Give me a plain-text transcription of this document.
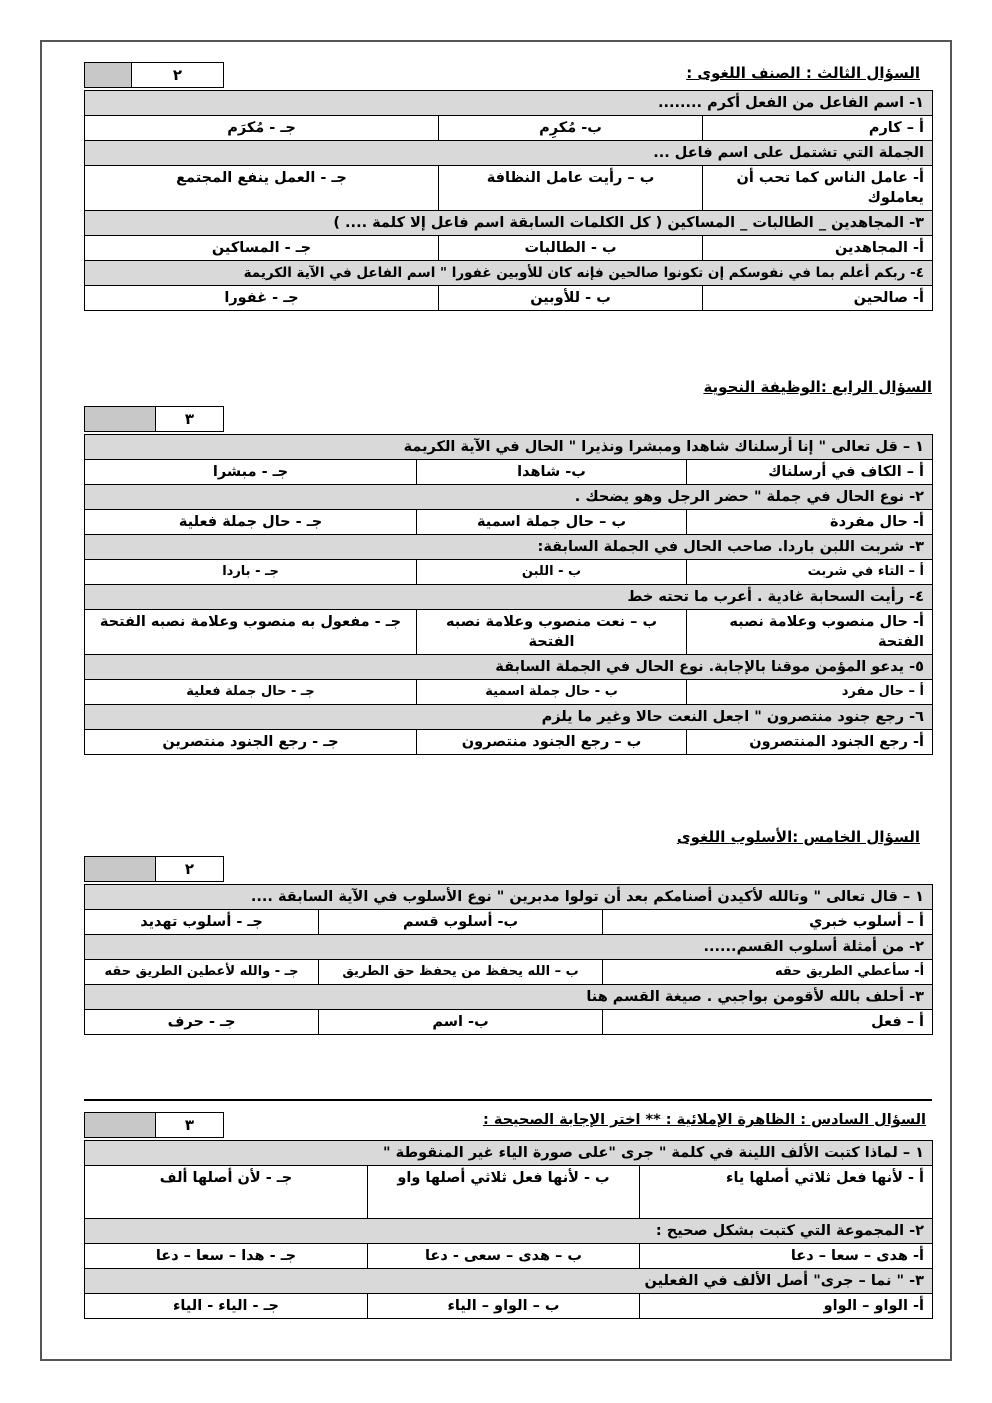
السؤال الثالث : الصنف اللغوى :
٢
١- اسم الفاعل من الفعل أكرم ........		
أ – كارم	ب- مُكرِم	جـ - مُكرَم
الجملة التي تشتمل على اسم فاعل ...		
أ- عامل الناس كما تحب أن يعاملوك	ب – رأيت عامل النظافة	جـ - العمل ينفع المجتمع
٣- المجاهدين _ الطالبات _ المساكين ( كل الكلمات السابقة اسم فاعل إلا كلمة .... )		
أ- المجاهدين	ب - الطالبات	جـ - المساكين
٤- ربكم أعلم بما في نفوسكم إن تكونوا صالحين فإنه كان للأوبين غفورا " اسم الفاعل في الآية الكريمة		
أ- صالحين	ب - للأوبين	جـ - غفورا
السؤال الرابع :الوظيفة النحوية
٣
١ – قل تعالى " إنا أرسلناك شاهدا ومبشرا ونذيرا " الحال في الآية الكريمة		
أ – الكاف في أرسلناك	ب- شاهدا	جـ - مبشرا
٢- نوع الحال في جملة " حضر الرجل وهو يضحك .		
أ- حال مفردة	ب – حال جملة اسمية	جـ - حال جملة فعلية
٣- شربت اللبن باردا. صاحب الحال في الجملة السابقة:		
أ – التاء في شربت	ب - اللبن	جـ - باردا
٤- رأيت السحابة غادية . أعرب ما تحته خط		
أ- حال منصوب وعلامة نصبه الفتحة	ب – نعت منصوب وعلامة نصبه الفتحة	جـ - مفعول به منصوب وعلامة نصبه الفتحة
٥- يدعو المؤمن موقنا بالإجابة. نوع الحال في الجملة السابقة		
أ – حال مفرد	ب - حال جملة اسمية	جـ - حال جملة فعلية
٦- رجع جنود منتصرون " اجعل النعت حالا وغير ما يلزم		
أ- رجع الجنود المنتصرون	ب – رجع الجنود منتصرون	جـ - رجع الجنود منتصرين
السؤال الخامس :الأسلوب اللغوى
٢
١ – قال تعالى " وتالله لأكيدن أصنامكم بعد أن تولوا مدبرين " نوع الأسلوب في الآية السابقة ....		
أ – أسلوب خبري	ب- أسلوب قسم	جـ - أسلوب تهديد
٢- من أمثلة أسلوب القسم......		
أ- سأعطي الطريق حقه	ب – الله يحفظ من يحفظ حق الطريق	جـ - والله لأعطين الطريق حقه
٣- أحلف بالله لأقومن بواجبي . صيغة القسم هنا		
أ – فعل	ب- اسم	جـ - حرف
السؤال السادس : الظاهرة الإملائية : ** اختر الإجابة الصحيحة :
٣
١ – لماذا كتبت الألف اللينة في كلمة " جرى "على صورة الياء غير المنقوطة "		
أ - لأنها فعل ثلاثي أصلها ياء	ب - لأنها فعل ثلاثي أصلها واو	جـ - لأن أصلها ألف
٢- المجموعة التي كتبت بشكل صحيح :		
أ- هدى – سعا – دعا	ب – هدى – سعى - دعا	جـ - هدا – سعا – دعا
٣- " نما – جرى" أصل الألف في الفعلين		
أ- الواو – الواو	ب – الواو – الياء	جـ - الياء - الياء
